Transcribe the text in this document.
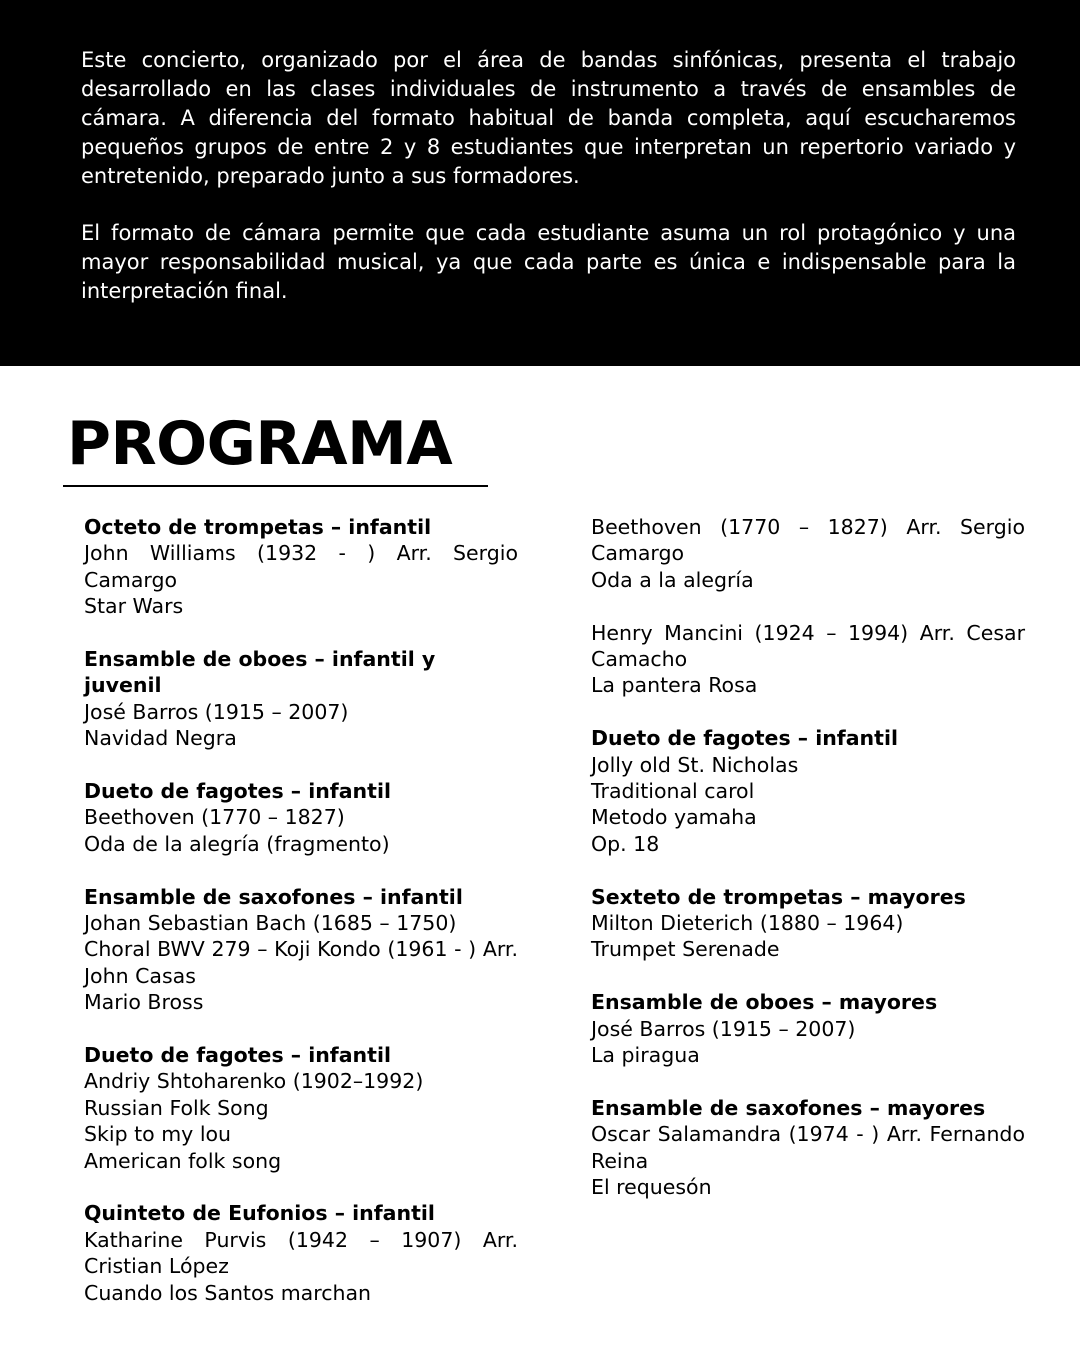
Este concierto, organizado por el área de bandas sinfónicas, presenta el trabajo desarrollado en las clases individuales de instrumento a través de ensambles de cámara. A diferencia del formato habitual de banda completa, aquí escucharemos pequeños grupos de entre 2 y 8 estudiantes que interpretan un repertorio variado y entretenido, preparado junto a sus formadores.

El formato de cámara permite que cada estudiante asuma un rol protagónico y una mayor responsabilidad musical, ya que cada parte es única e indispensable para la interpretación final.

PROGRAMA
Octeto de trompetas – infantil
John Williams (1932 - ) Arr. Sergio Camargo
Star Wars
Ensamble de oboes – infantil y juvenil
José Barros (1915 – 2007)
Navidad Negra
Dueto de fagotes – infantil
Beethoven (1770 – 1827)
Oda de la alegría (fragmento)
Ensamble de saxofones – infantil
Johan Sebastian Bach (1685 – 1750)
Choral BWV 279 – Koji Kondo (1961 - ) Arr. John Casas
Mario Bross
Dueto de fagotes – infantil
Andriy Shtoharenko (1902–1992)
Russian Folk Song
Skip to my lou
American folk song
Quinteto de Eufonios – infantil
Katharine Purvis (1942 – 1907) Arr. Cristian López
Cuando los Santos marchan
Beethoven (1770 – 1827) Arr. Sergio Camargo
Oda a la alegría
Henry Mancini (1924 – 1994) Arr. Cesar Camacho
La pantera Rosa
Dueto de fagotes – infantil
Jolly old St. Nicholas
Traditional carol
Metodo yamaha
Op. 18
Sexteto de trompetas – mayores
Milton Dieterich (1880 – 1964)
Trumpet Serenade
Ensamble de oboes – mayores
José Barros (1915 – 2007)
La piragua
Ensamble de saxofones – mayores
Oscar Salamandra (1974 - ) Arr. Fernando Reina
El requesón
